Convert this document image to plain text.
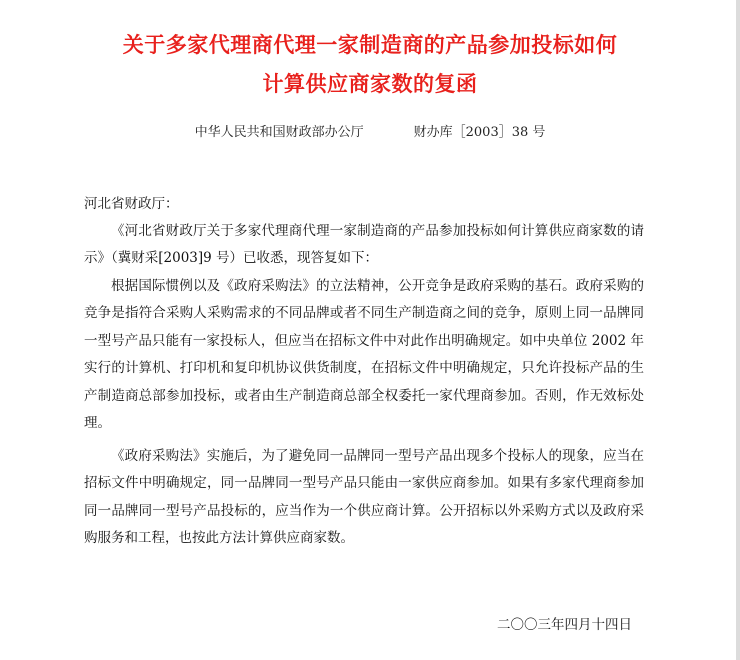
关于多家代理商代理一家制造商的产品参加投标如何
计算供应商家数的复函
中华人民共和国财政部办公厅	财办库［2003］38 号
河北省财政厅：
《河北省财政厅关于多家代理商代理一家制造商的产品参加投标如何计算供应商家数的请示》（冀财采[2003]9 号）已收悉，现答复如下：
根据国际惯例以及《政府采购法》的立法精神，公开竞争是政府采购的基石。政府采购的竞争是指符合采购人采购需求的不同品牌或者不同生产制造商之间的竞争，原则上同一品牌同一型号产品只能有一家投标人，但应当在招标文件中对此作出明确规定。如中央单位 2002 年实行的计算机、打印机和复印机协议供货制度，在招标文件中明确规定，只允许投标产品的生产制造商总部参加投标，或者由生产制造商总部全权委托一家代理商参加。否则，作无效标处理。
《政府采购法》实施后，为了避免同一品牌同一型号产品出现多个投标人的现象，应当在招标文件中明确规定，同一品牌同一型号产品只能由一家供应商参加。如果有多家代理商参加同一品牌同一型号产品投标的，应当作为一个供应商计算。公开招标以外采购方式以及政府采购服务和工程，也按此方法计算供应商家数。
二〇〇三年四月十四日
